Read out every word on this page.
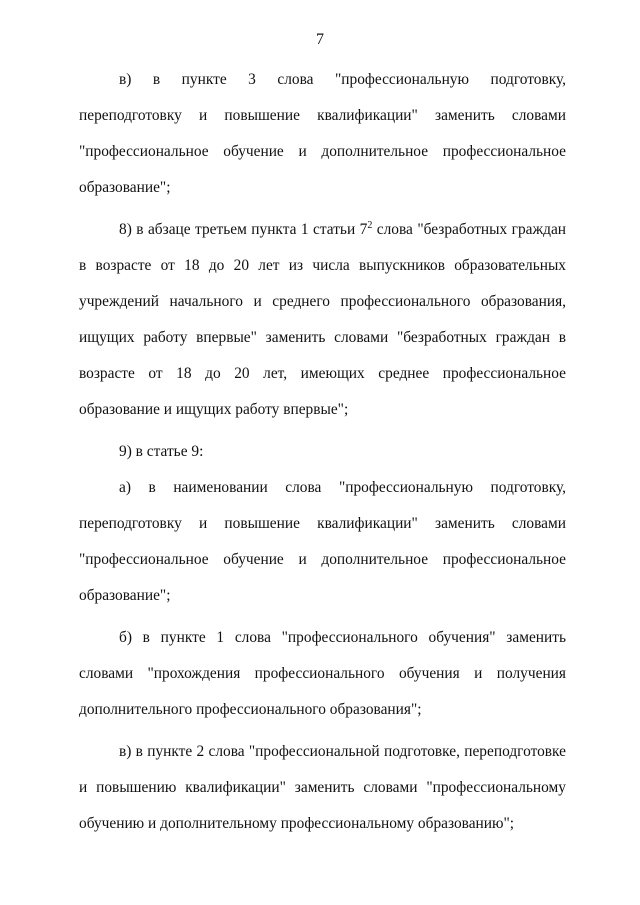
7

в) в пункте 3 слова "профессиональную подготовку, переподготовку и повышение квалификации" заменить словами "профессиональное обучение и дополнительное профессиональное образование";

8) в абзаце третьем пункта 1 статьи $7^2$ слова "безработных граждан в возрасте от 18 до 20 лет из числа выпускников образовательных учреждений начального и среднего профессионального образования, ищущих работу впервые" заменить словами "безработных граждан в возрасте от 18 до 20 лет, имеющих среднее профессиональное образование и ищущих работу впервые";

9) в статье 9:

а) в наименовании слова "профессиональную подготовку, переподготовку и повышение квалификации" заменить словами "профессиональное обучение и дополнительное профессиональное образование";

б) в пункте 1 слова "профессионального обучения" заменить словами "прохождения профессионального обучения и получения дополнительного профессионального образования";

в) в пункте 2 слова "профессиональной подготовке, переподготовке и повышению квалификации" заменить словами "профессиональному обучению и дополнительному профессиональному образованию";
